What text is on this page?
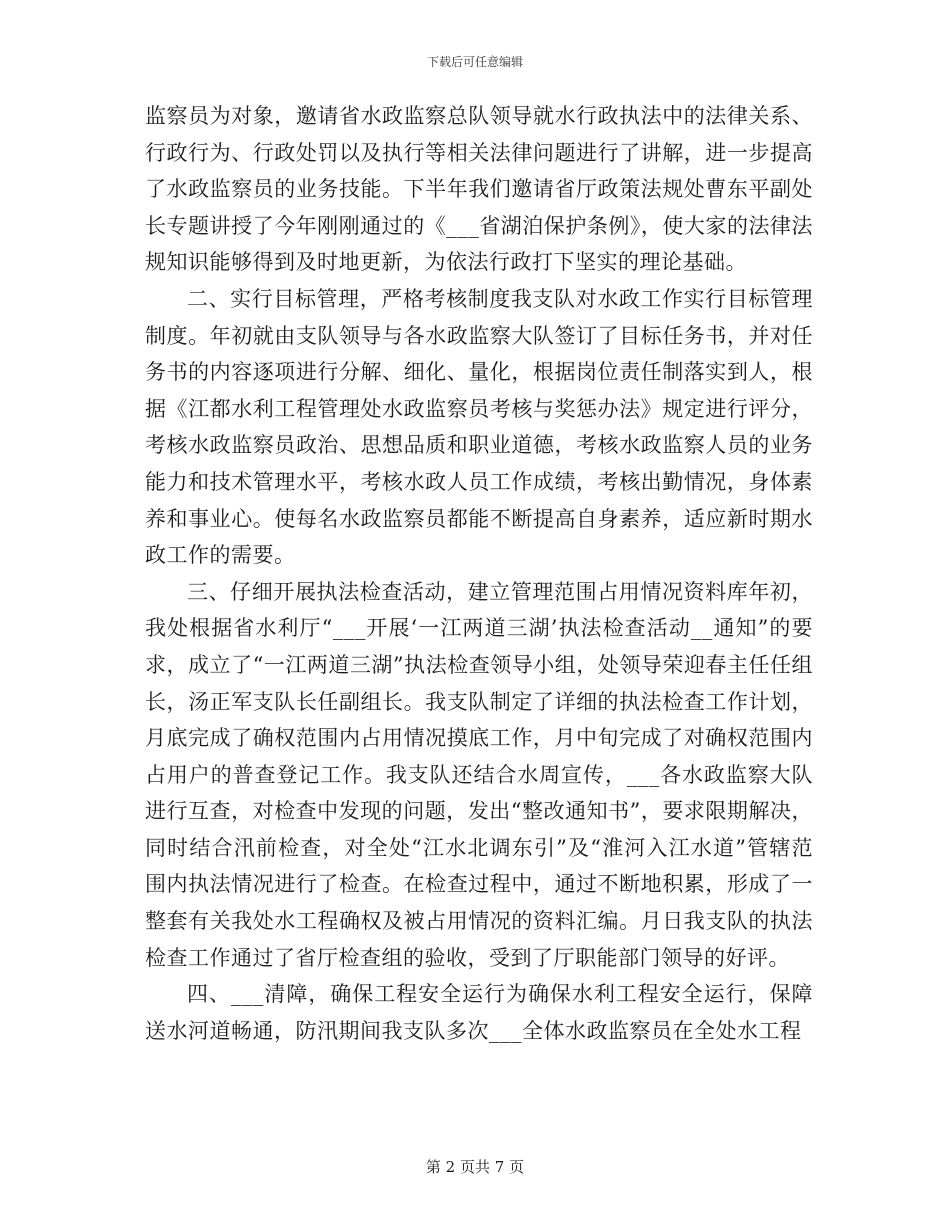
下载后可任意编辑

监察员为对象，邀请省水政监察总队领导就水行政执法中的法律关系、行政行为、行政处罚以及执行等相关法律问题进行了讲解，进一步提高了水政监察员的业务技能。下半年我们邀请省厅政策法规处曹东平副处长专题讲授了今年刚刚通过的《___省湖泊保护条例》，使大家的法律法规知识能够得到及时地更新，为依法行政打下坚实的理论基础。

二、实行目标管理，严格考核制度我支队对水政工作实行目标管理制度。年初就由支队领导与各水政监察大队签订了目标任务书，并对任务书的内容逐项进行分解、细化、量化，根据岗位责任制落实到人，根据《江都水利工程管理处水政监察员考核与奖惩办法》规定进行评分，考核水政监察员政治、思想品质和职业道德，考核水政监察人员的业务能力和技术管理水平，考核水政人员工作成绩，考核出勤情况，身体素养和事业心。使每名水政监察员都能不断提高自身素养，适应新时期水政工作的需要。

三、仔细开展执法检查活动，建立管理范围占用情况资料库年初，我处根据省水利厅“___开展‘一江两道三湖’执法检查活动__通知”的要求，成立了“一江两道三湖”执法检查领导小组，处领导荣迎春主任任组长，汤正军支队长任副组长。我支队制定了详细的执法检查工作计划，月底完成了确权范围内占用情况摸底工作，月中旬完成了对确权范围内占用户的普查登记工作。我支队还结合水周宣传，___各水政监察大队进行互查，对检查中发现的问题，发出“整改通知书”，要求限期解决，同时结合汛前检查，对全处“江水北调东引”及“淮河入江水道”管辖范围内执法情况进行了检查。在检查过程中，通过不断地积累，形成了一整套有关我处水工程确权及被占用情况的资料汇编。月日我支队的执法检查工作通过了省厅检查组的验收，受到了厅职能部门领导的好评。

四、___清障，确保工程安全运行为确保水利工程安全运行，保障送水河道畅通，防汛期间我支队多次___全体水政监察员在全处水工程

第 2 页共 7 页
